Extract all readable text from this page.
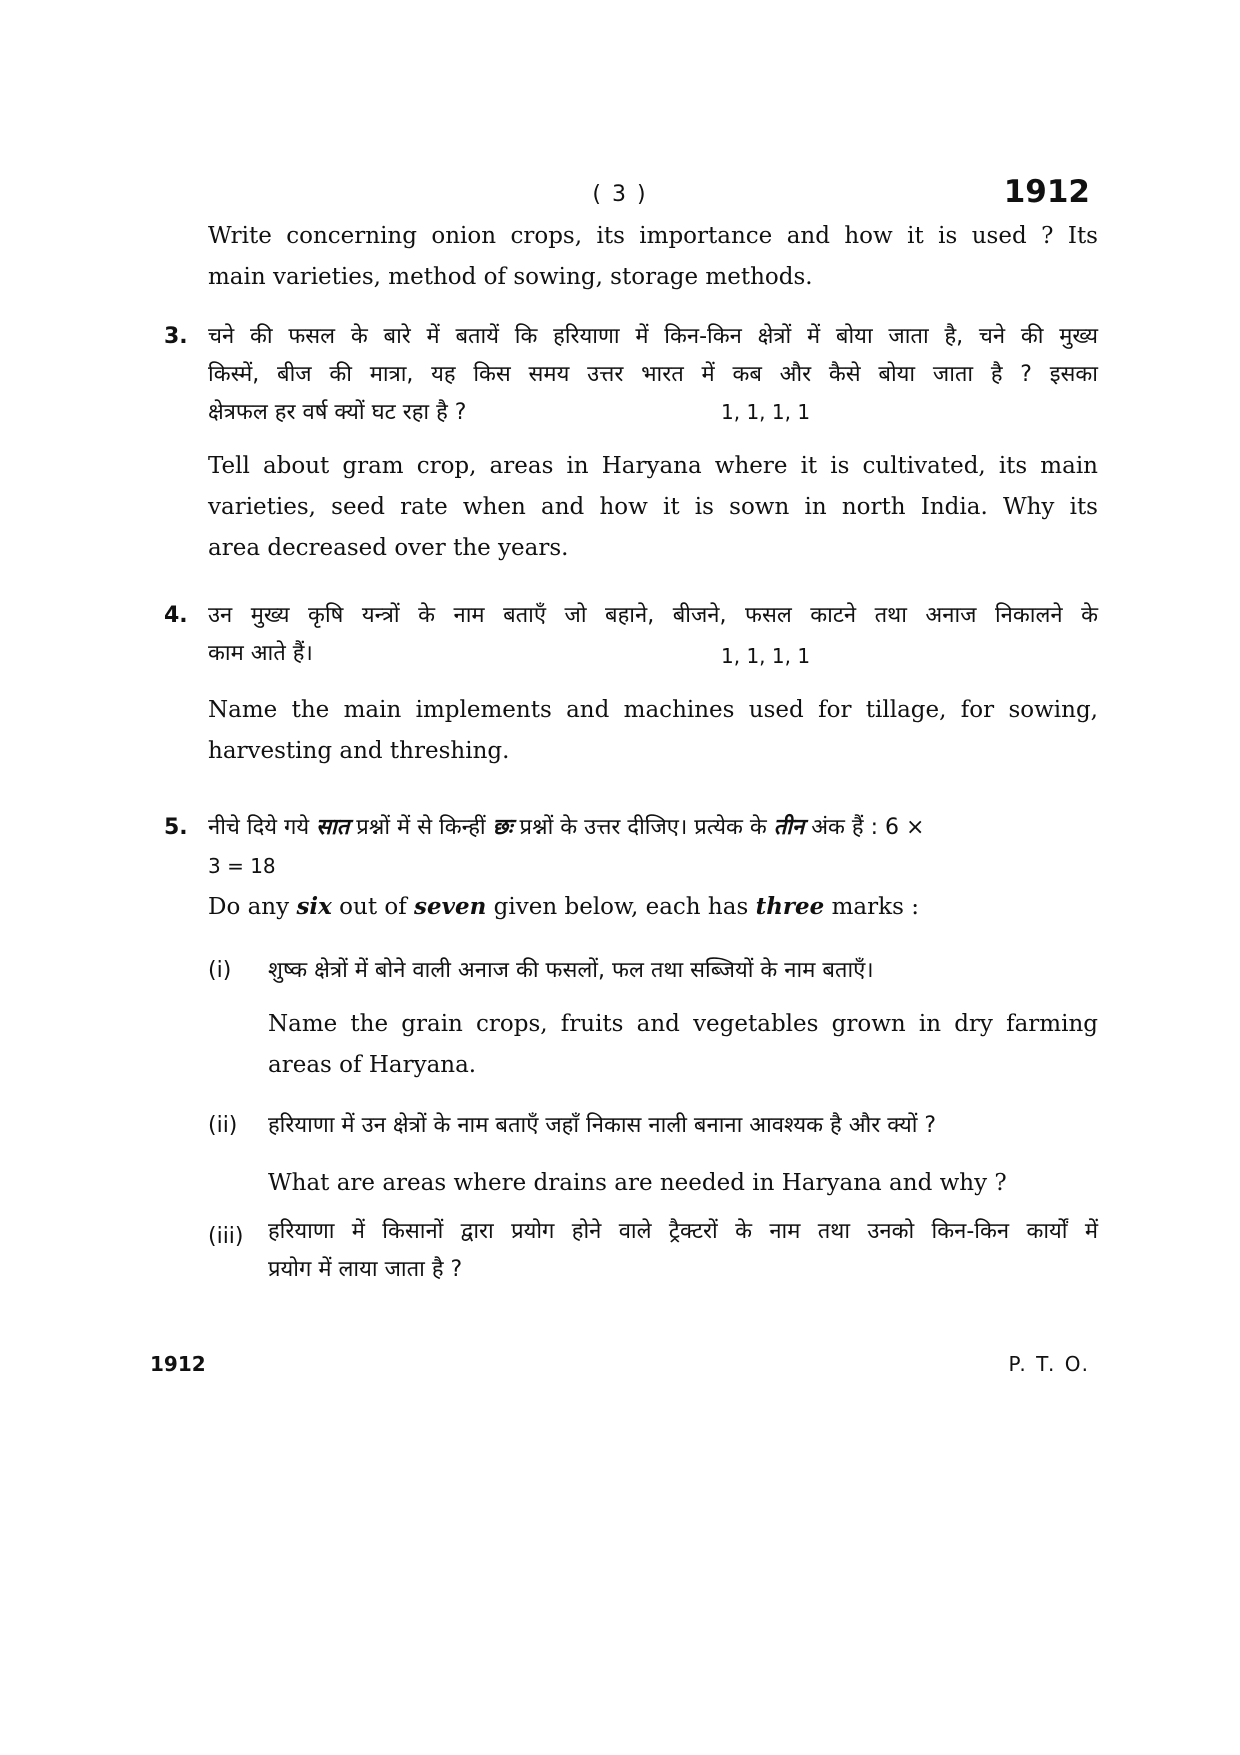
( 3 )	1912
Write concerning onion crops, its importance and how it is used ? Its
main varieties, method of sowing, storage methods.
3. चने की फसल के बारे में बतायें कि हरियाणा में किन-किन क्षेत्रों में बोया जाता है, चने की मुख्य
किस्में, बीज की मात्रा, यह किस समय उत्तर भारत में कब और कैसे बोया जाता है ? इसका
क्षेत्रफल हर वर्ष क्यों घट रहा है ?	1, 1, 1, 1
Tell about gram crop, areas in Haryana where it is cultivated, its main
varieties, seed rate when and how it is sown in north India. Why its
area decreased over the years.
4. उन मुख्य कृषि यन्त्रों के नाम बताएँ जो बहाने, बीजने, फसल काटने तथा अनाज निकालने के
काम आते हैं।	1, 1, 1, 1
Name the main implements and machines used for tillage, for sowing,
harvesting and threshing.
5. नीचे दिये गये सात प्रश्नों में से किन्हीं छः प्रश्नों के उत्तर दीजिए। प्रत्येक के तीन अंक हैं : 6 ×
3 = 18
Do any six out of seven given below, each has three marks :
(i) शुष्क क्षेत्रों में बोने वाली अनाज की फसलों, फल तथा सब्जियों के नाम बताएँ।
Name the grain crops, fruits and vegetables grown in dry farming
areas of Haryana.
(ii) हरियाणा में उन क्षेत्रों के नाम बताएँ जहाँ निकास नाली बनाना आवश्यक है और क्यों ?
What are areas where drains are needed in Haryana and why ?
(iii) हरियाणा में किसानों द्वारा प्रयोग होने वाले ट्रैक्टरों के नाम तथा उनको किन-किन कार्यों में
प्रयोग में लाया जाता है ?
1912	P. T. O.
